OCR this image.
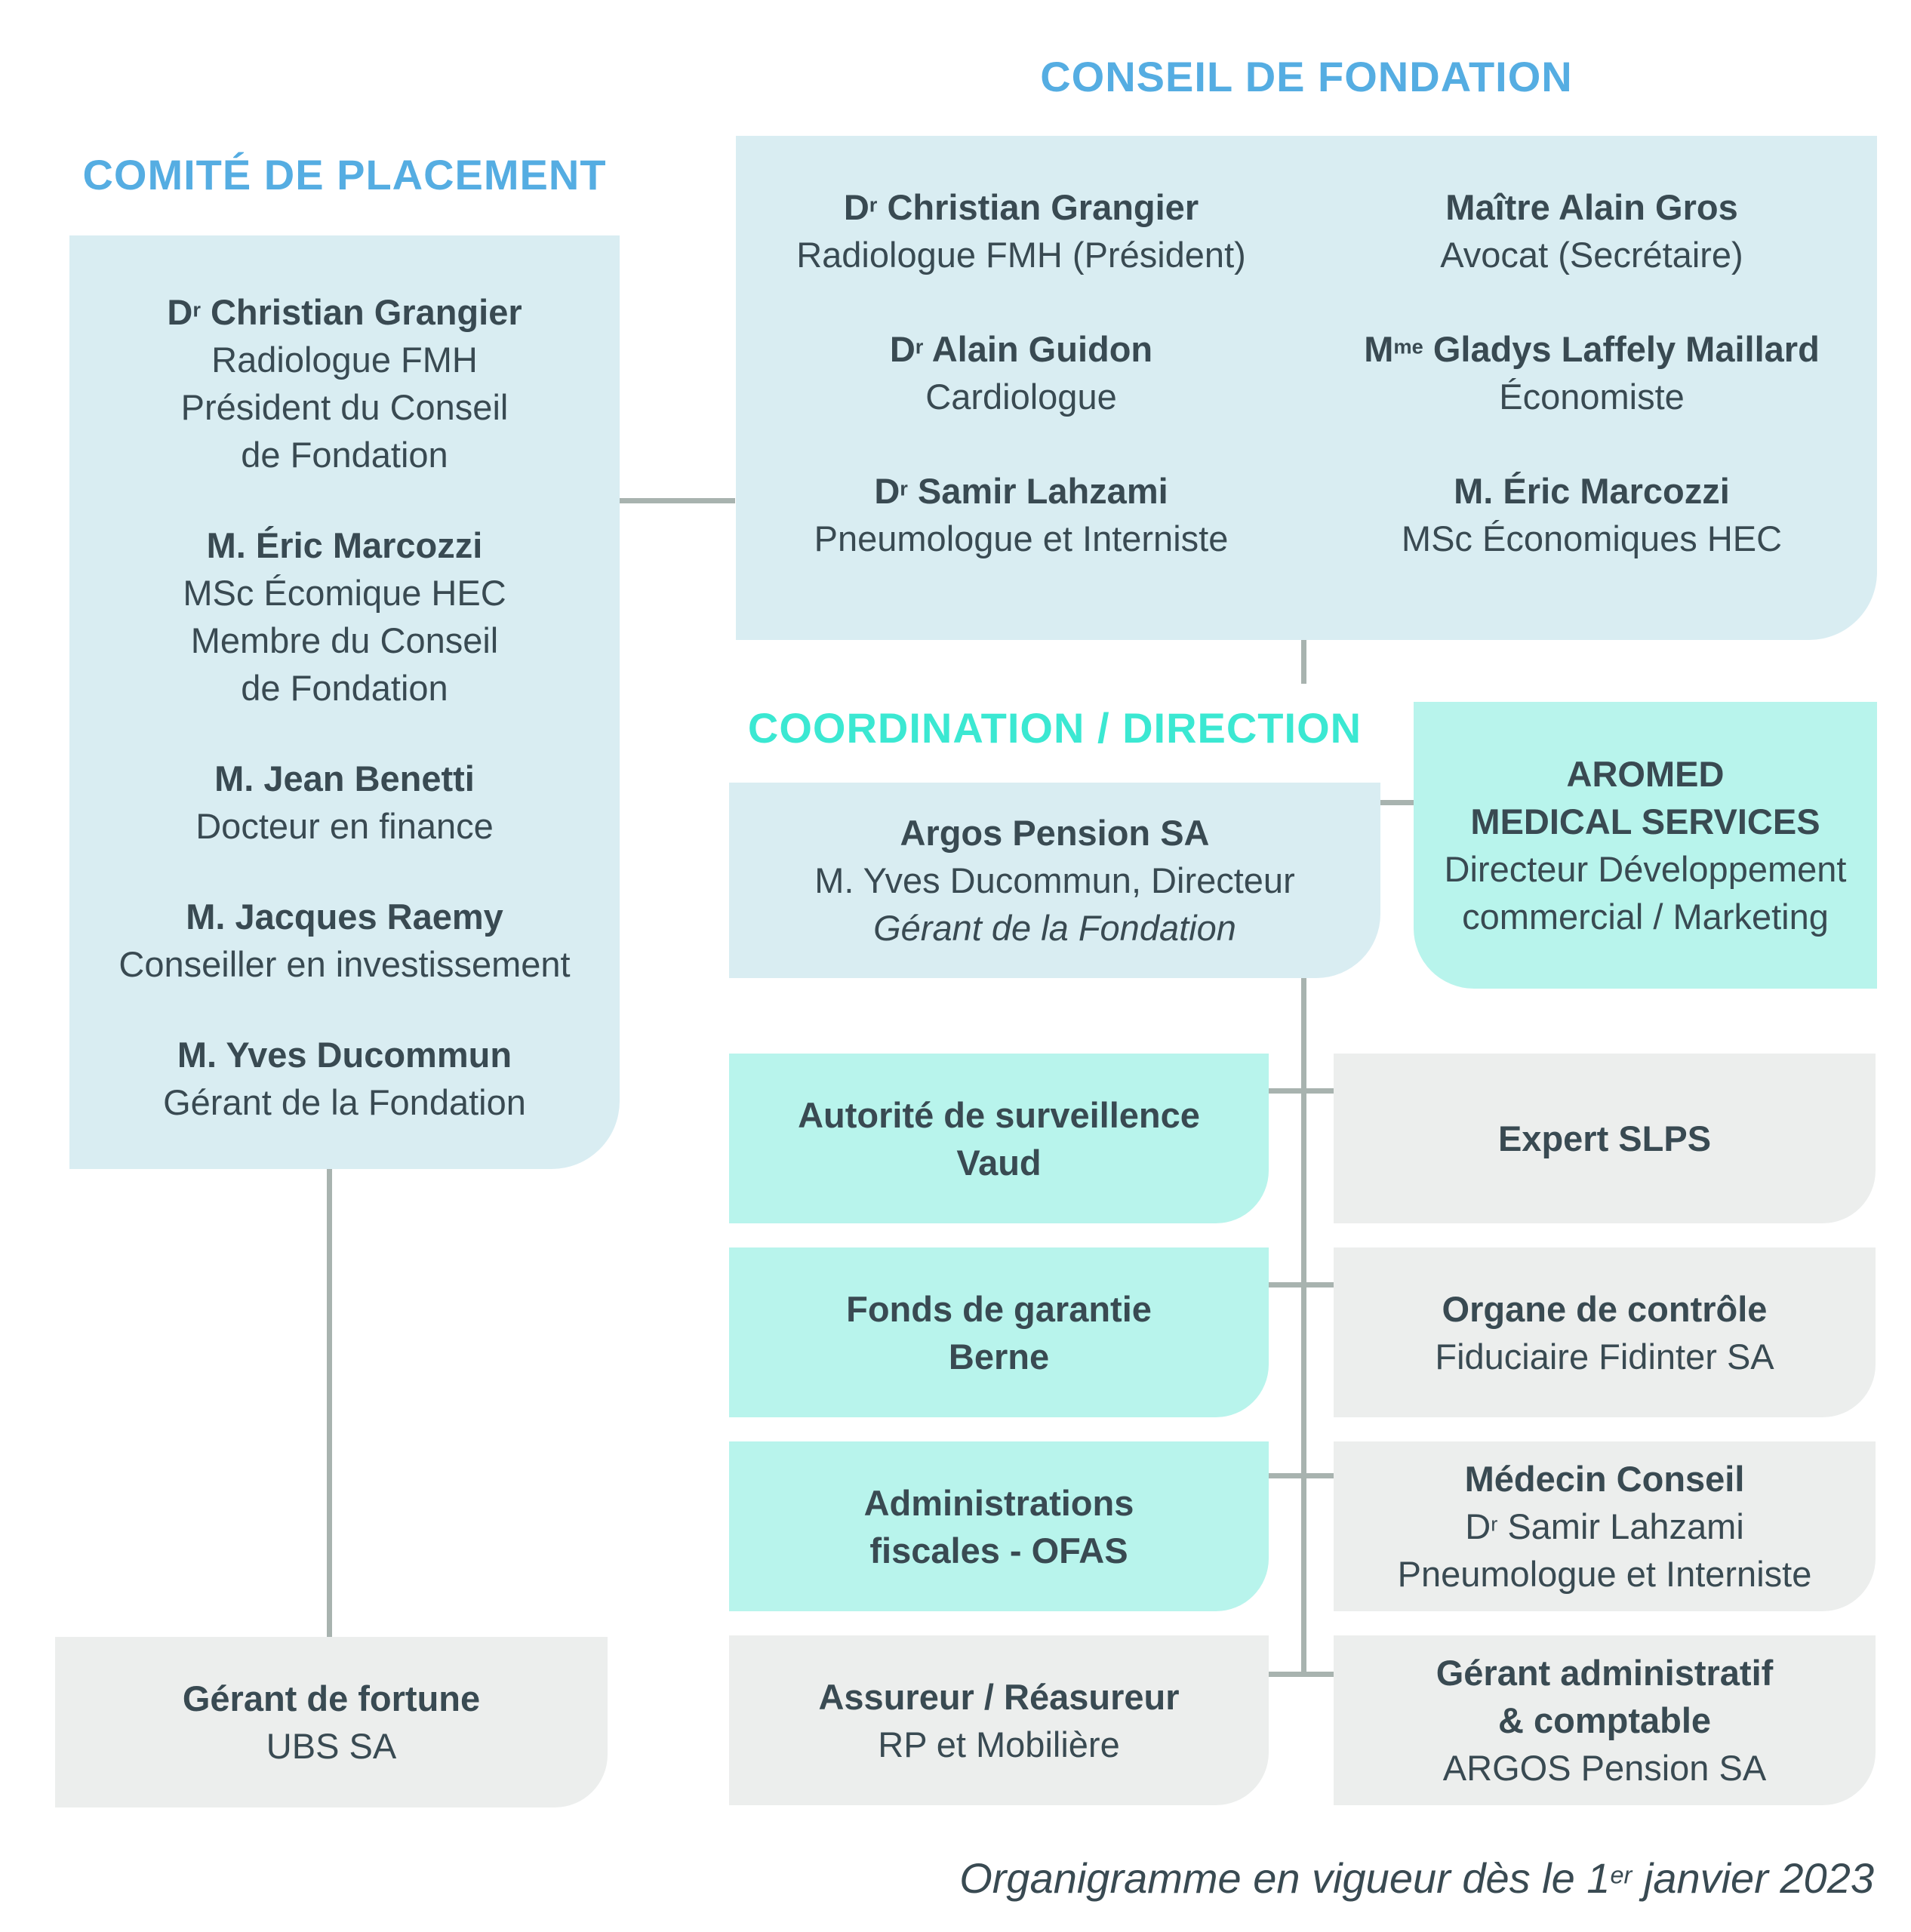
CONSEIL DE FONDATION
COMITÉ DE PLACEMENT
COORDINATION / DIRECTION
$D^r$ Christian Grangier
Radiologue FMH (Président)
Maître Alain Gros
Avocat (Secrétaire)
$D^r$ Alain Guidon
Cardiologue
$M^{me}$ Gladys Laffely Maillard
Économiste
$D^r$ Samir Lahzami
Pneumologue et Interniste
M. Éric Marcozzi
MSc Économiques HEC
$D^r$ Christian Grangier
Radiologue FMH
Président du Conseil
de Fondation
M. Éric Marcozzi
MSc Écomique HEC
Membre du Conseil
de Fondation
M. Jean Benetti
Docteur en finance
M. Jacques Raemy
Conseiller en investissement
M. Yves Ducommun
Gérant de la Fondation
Argos Pension SA
M. Yves Ducommun, Directeur
Gérant de la Fondation
AROMED
MEDICAL SERVICES
Directeur Développement
commercial / Marketing
Autorité de surveillence
Vaud
Fonds de garantie
Berne
Administrations
fiscales - OFAS
Assureur / Réasureur
RP et Mobilière
Expert SLPS
Organe de contrôle
Fiduciaire Fidinter SA
Médecin Conseil
$D^r$ Samir Lahzami
Pneumologue et Interniste
Gérant administratif
& comptable
ARGOS Pension SA
Gérant de fortune
UBS SA
Organigramme en vigueur dès le 1er janvier 2023
